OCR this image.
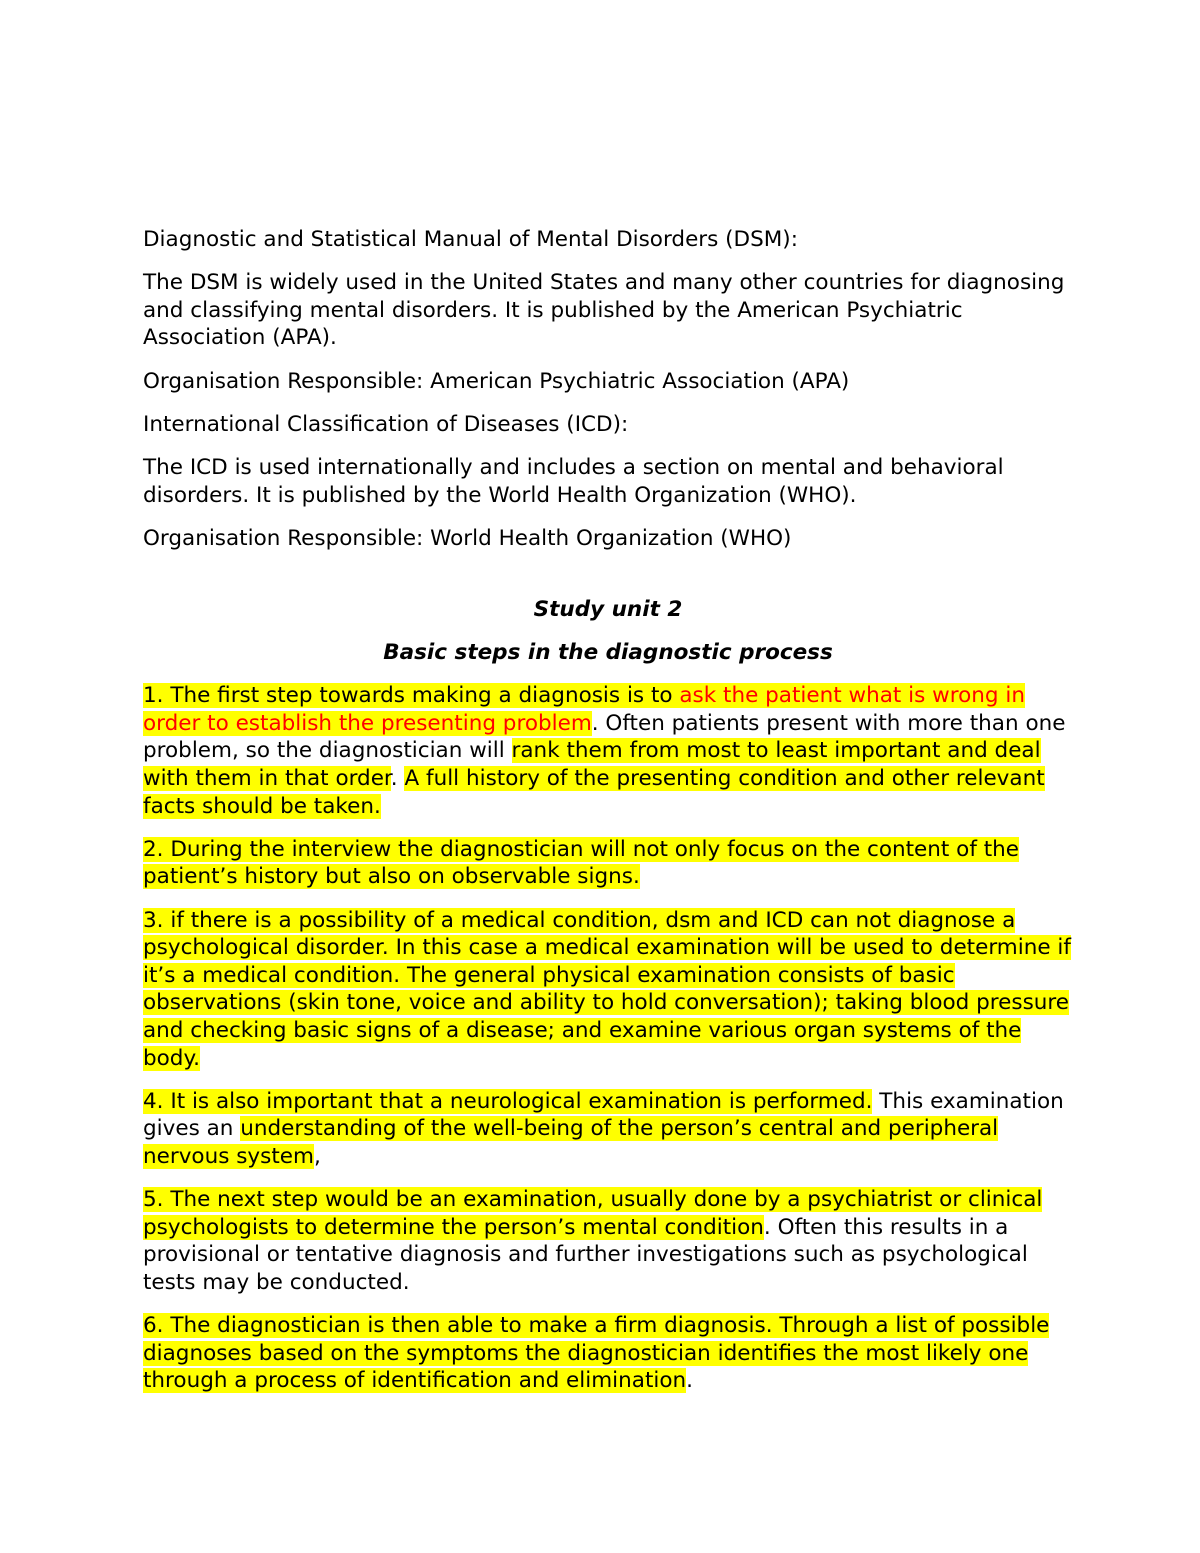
Diagnostic and Statistical Manual of Mental Disorders (DSM):

The DSM is widely used in the United States and many other countries for diagnosing and classifying mental disorders. It is published by the American Psychiatric Association (APA).

Organisation Responsible: American Psychiatric Association (APA)

International Classification of Diseases (ICD):

The ICD is used internationally and includes a section on mental and behavioral disorders. It is published by the World Health Organization (WHO).

Organisation Responsible: World Health Organization (WHO)

Study unit 2

Basic steps in the diagnostic process

1. The first step towards making a diagnosis is to ask the patient what is wrong in order to establish the presenting problem. Often patients present with more than one problem, so the diagnostician will rank them from most to least important and deal with them in that order. A full history of the presenting condition and other relevant facts should be taken.

2. During the interview the diagnostician will not only focus on the content of the patient’s history but also on observable signs.

3. if there is a possibility of a medical condition, dsm and ICD can not diagnose a psychological disorder. In this case a medical examination will be used to determine if it’s a medical condition. The general physical examination consists of basic observations (skin tone, voice and ability to hold conversation); taking blood pressure and checking basic signs of a disease; and examine various organ systems of the body.

4. It is also important that a neurological examination is performed. This examination gives an understanding of the well-being of the person’s central and peripheral nervous system,

5. The next step would be an examination, usually done by a psychiatrist or clinical psychologists to determine the person’s mental condition. Often this results in a provisional or tentative diagnosis and further investigations such as psychological tests may be conducted.

6. The diagnostician is then able to make a firm diagnosis. Through a list of possible diagnoses based on the symptoms the diagnostician identifies the most likely one through a process of identification and elimination.
